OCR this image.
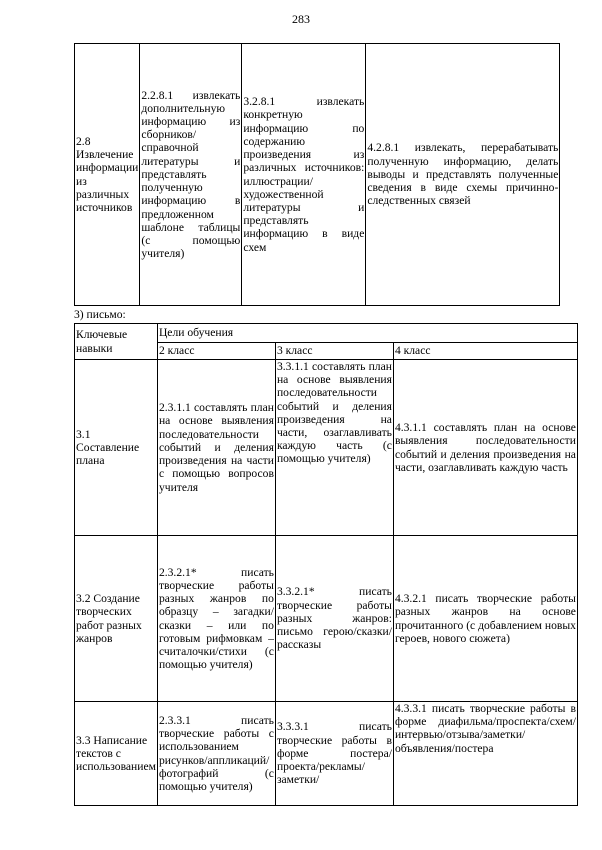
283
2.8 Извлечение информации из различных источников	2.2.8.1 извлекать дополнительную информацию из сборников/справочной литературы и представлять полученную информацию в предложенном шаблоне таблицы (с помощью учителя)	3.2.8.1 извлекать конкретную информацию по содержанию произведения из различных источников: иллюстрации/художественной литературы и представлять информацию в виде схем	4.2.8.1 извлекать, перерабатывать полученную информацию, делать выводы и представлять полученные сведения в виде схемы причинно-следственных связей
3) письмо:
Ключевые навыки	Цели обучения		
	2 класс	3 класс	4 класс
3.1 Составление плана	2.3.1.1 составлять план на основе выявления последовательности событий и деления произведения на части с помощью вопросов учителя	3.3.1.1 составлять план на основе выявления последовательности событий и деления произведения на части, озаглавливать каждую часть (с помощью учителя)	4.3.1.1 составлять план на основе выявления последовательности событий и деления произведения на части, озаглавливать каждую часть
3.2 Создание творческих работ разных жанров	2.3.2.1* писать творческие работы разных жанров по образцу – загадки/сказки – или по готовым рифмовкам – считалочки/стихи (с помощью учителя)	3.3.2.1* писать творческие работы разных жанров: письмо герою/сказки/рассказы	4.3.2.1 писать творческие работы разных жанров на основе прочитанного (с добавлением новых героев, нового сюжета)
3.3 Написание текстов с использованием	2.3.3.1 писать творческие работы с использованием рисунков/аппликаций/фотографий (с помощью учителя)	3.3.3.1 писать творческие работы в форме постера/проекта/рекламы/заметки/	4.3.3.1 писать творческие работы в форме диафильма/проспекта/схем/интервью/отзыва/заметки/объявления/постера
